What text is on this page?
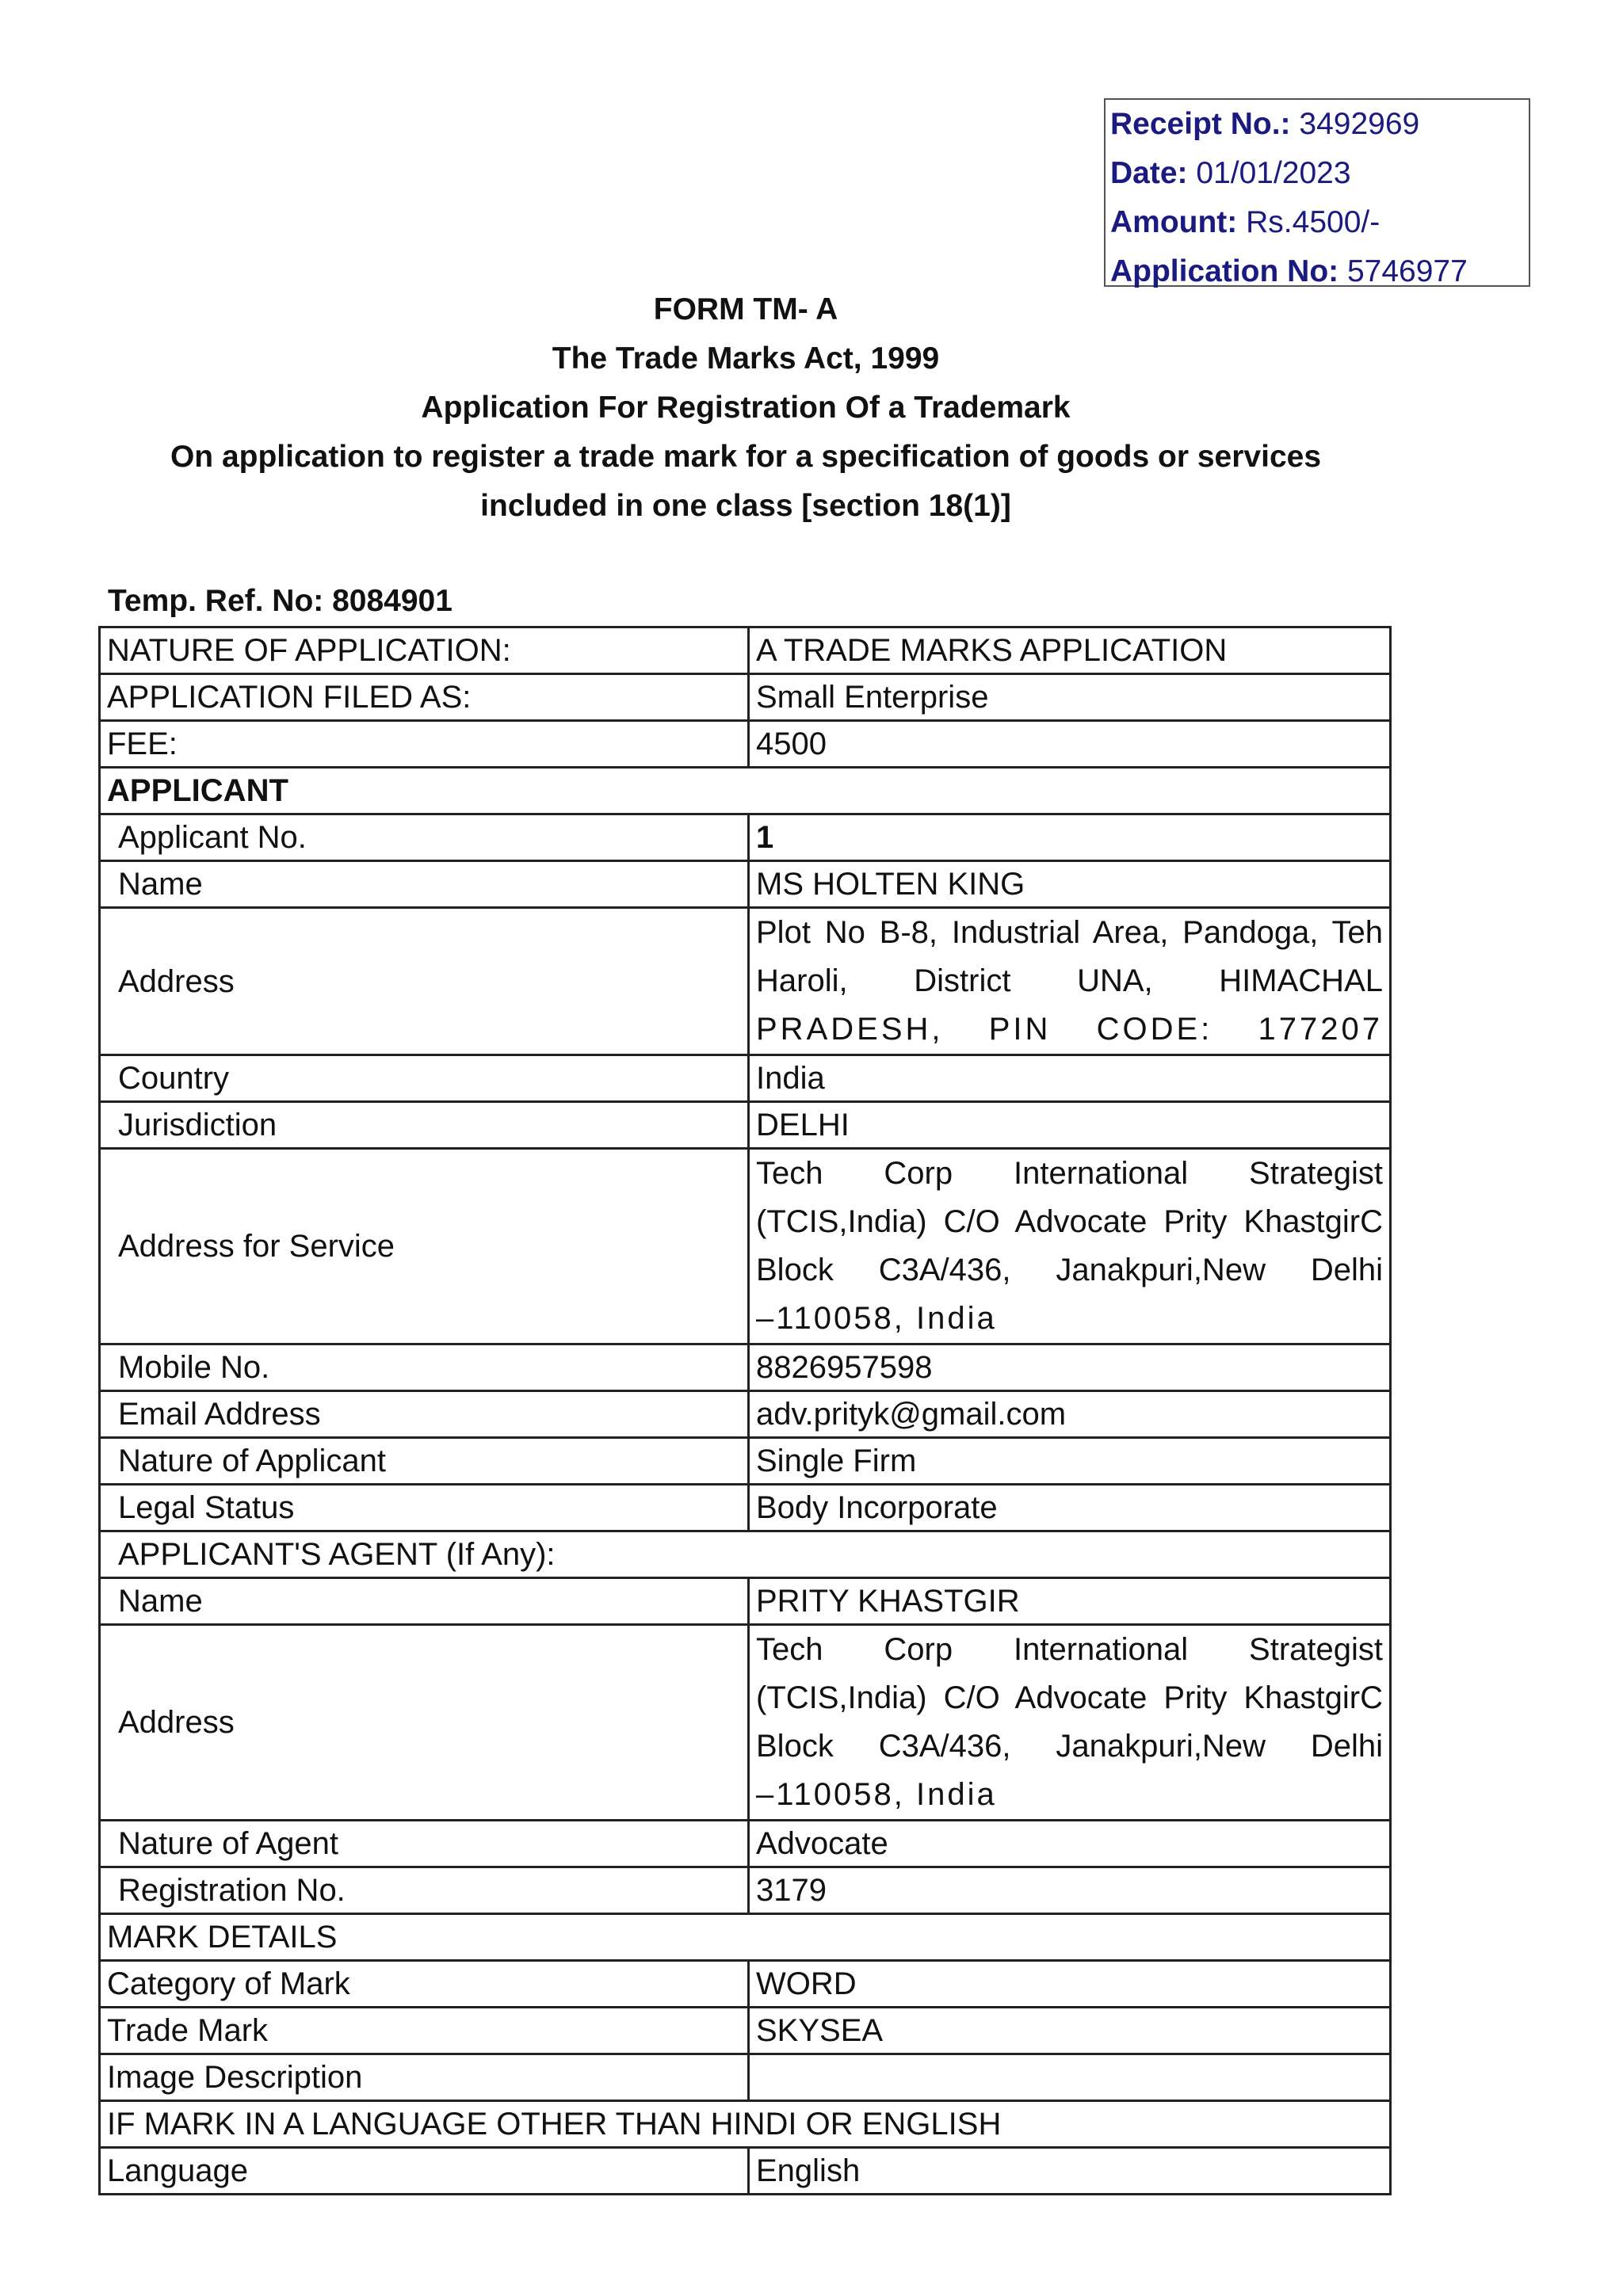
Receipt No.: 3492969
Date: 01/01/2023
Amount: Rs.4500/-
Application No: 5746977
FORM TM- A
The Trade Marks Act, 1999
Application For Registration Of a Trademark
On application to register a trade mark for a specification of goods or services
included in one class [section 18(1)]
Temp. Ref. No: 8084901
NATURE OF APPLICATION:	A TRADE MARKS APPLICATION
APPLICATION FILED AS:	Small Enterprise
FEE:	4500
APPLICANT	
Applicant No.	1
Name	MS HOLTEN KING
Address	Plot No B-8, Industrial Area, Pandoga, Teh
Haroli, District UNA, HIMACHAL
PRADESH, PIN CODE: 177207

Country	India
Jurisdiction	DELHI
Address for Service	Tech Corp International Strategist
(TCIS,India) C/O Advocate Prity KhastgirC
Block C3A/436, Janakpuri,New Delhi
–110058, India

Mobile No.	8826957598
Email Address	adv.prityk@gmail.com
Nature of Applicant	Single Firm
Legal Status	Body Incorporate
APPLICANT'S AGENT (If Any):	
Name	PRITY KHASTGIR
Address	Tech Corp International Strategist
(TCIS,India) C/O Advocate Prity KhastgirC
Block C3A/436, Janakpuri,New Delhi
–110058, India

Nature of Agent	Advocate
Registration No.	3179
MARK DETAILS	
Category of Mark	WORD
Trade Mark	SKYSEA
Image Description	
IF MARK IN A LANGUAGE OTHER THAN HINDI OR ENGLISH	
Language	English
